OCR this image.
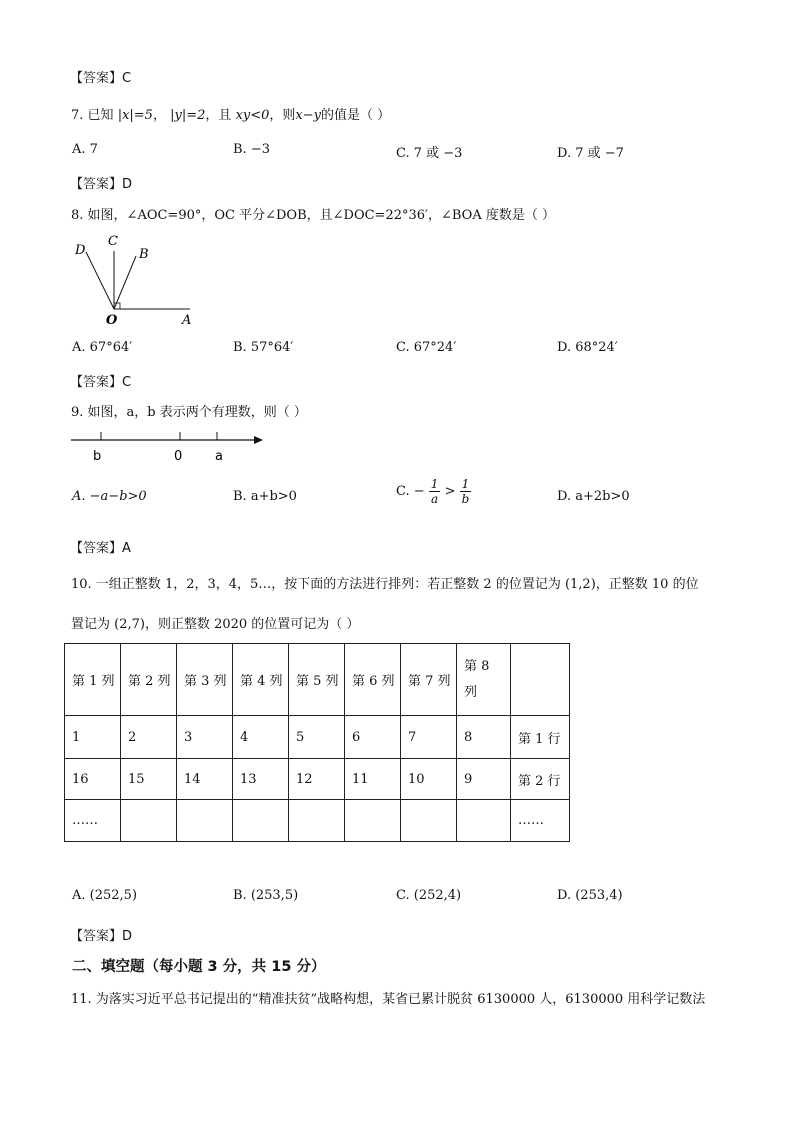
【答案】C
7. 已知 |x|=5， |y|=2，且 xy<0，则x−y的值是（ ）
A. 7	B. −3	C. 7 或 −3	D. 7 或 −7
【答案】D
8. 如图，∠AOC=90°，OC 平分∠DOB，且∠DOC=22°36′，∠BOA 度数是（ ）
D
C
B
O	A
A. 67°64′	B. 57°64′	C. 67°24′	D. 68°24′
【答案】C
9. 如图，a，b 表示两个有理数，则（ ）
b	0	a
A. −a−b>0	B. a+b>0	C. − $\frac{1}{a} > \frac{1}{b}$	D. a+2b>0
【答案】A
10. 一组正整数 1，2，3，4，5…，按下面的方法进行排列：若正整数 2 的位置记为 (1,2)，正整数 10 的位
置记为 (2,7)，则正整数 2020 的位置可记为（ ）
第 1 列	第 2 列	第 3 列	第 4 列	第 5 列	第 6 列	第 7 列	第 8
列	
1	2	3	4	5	6	7	8	第 1 行
16	15	14	13	12	11	10	9	第 2 行
……								……
A. (252,5)	B. (253,5)	C. (252,4)	D. (253,4)
【答案】D
二、填空题（每小题 3 分，共 15 分）
11. 为落实习近平总书记提出的“精准扶贫”战略构想，某省已累计脱贫 6130000 人，6130000 用科学记数法
